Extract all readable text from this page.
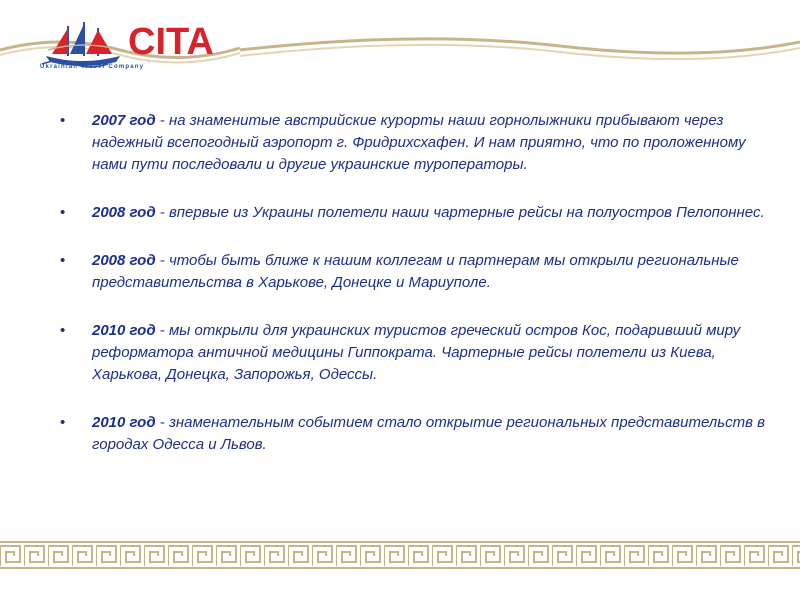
CITA
Ukrainian Travel Company
• 2007 год - на знаменитые австрийские курорты наши горнолыжники прибывают через надежный всепогодный аэропорт г. Фридрихсхафен. И нам приятно, что по проложенному нами пути последовали и другие украинские туроператоры.
• 2008 год - впервые из Украины полетели наши чартерные рейсы на полуостров Пелопоннес.
• 2008 год - чтобы быть ближе к нашим коллегам и партнерам мы открыли региональные представительства в Харькове, Донецке и Мариуполе.
• 2010 год - мы открыли для украинских туристов греческий остров Кос, подаривший миру реформатора античной медицины Гиппократа. Чартерные рейсы полетели из Киева, Харькова, Донецка, Запорожья, Одессы.
• 2010 год - знаменательным событием стало открытие региональных представительств в городах Одесса и Львов.
